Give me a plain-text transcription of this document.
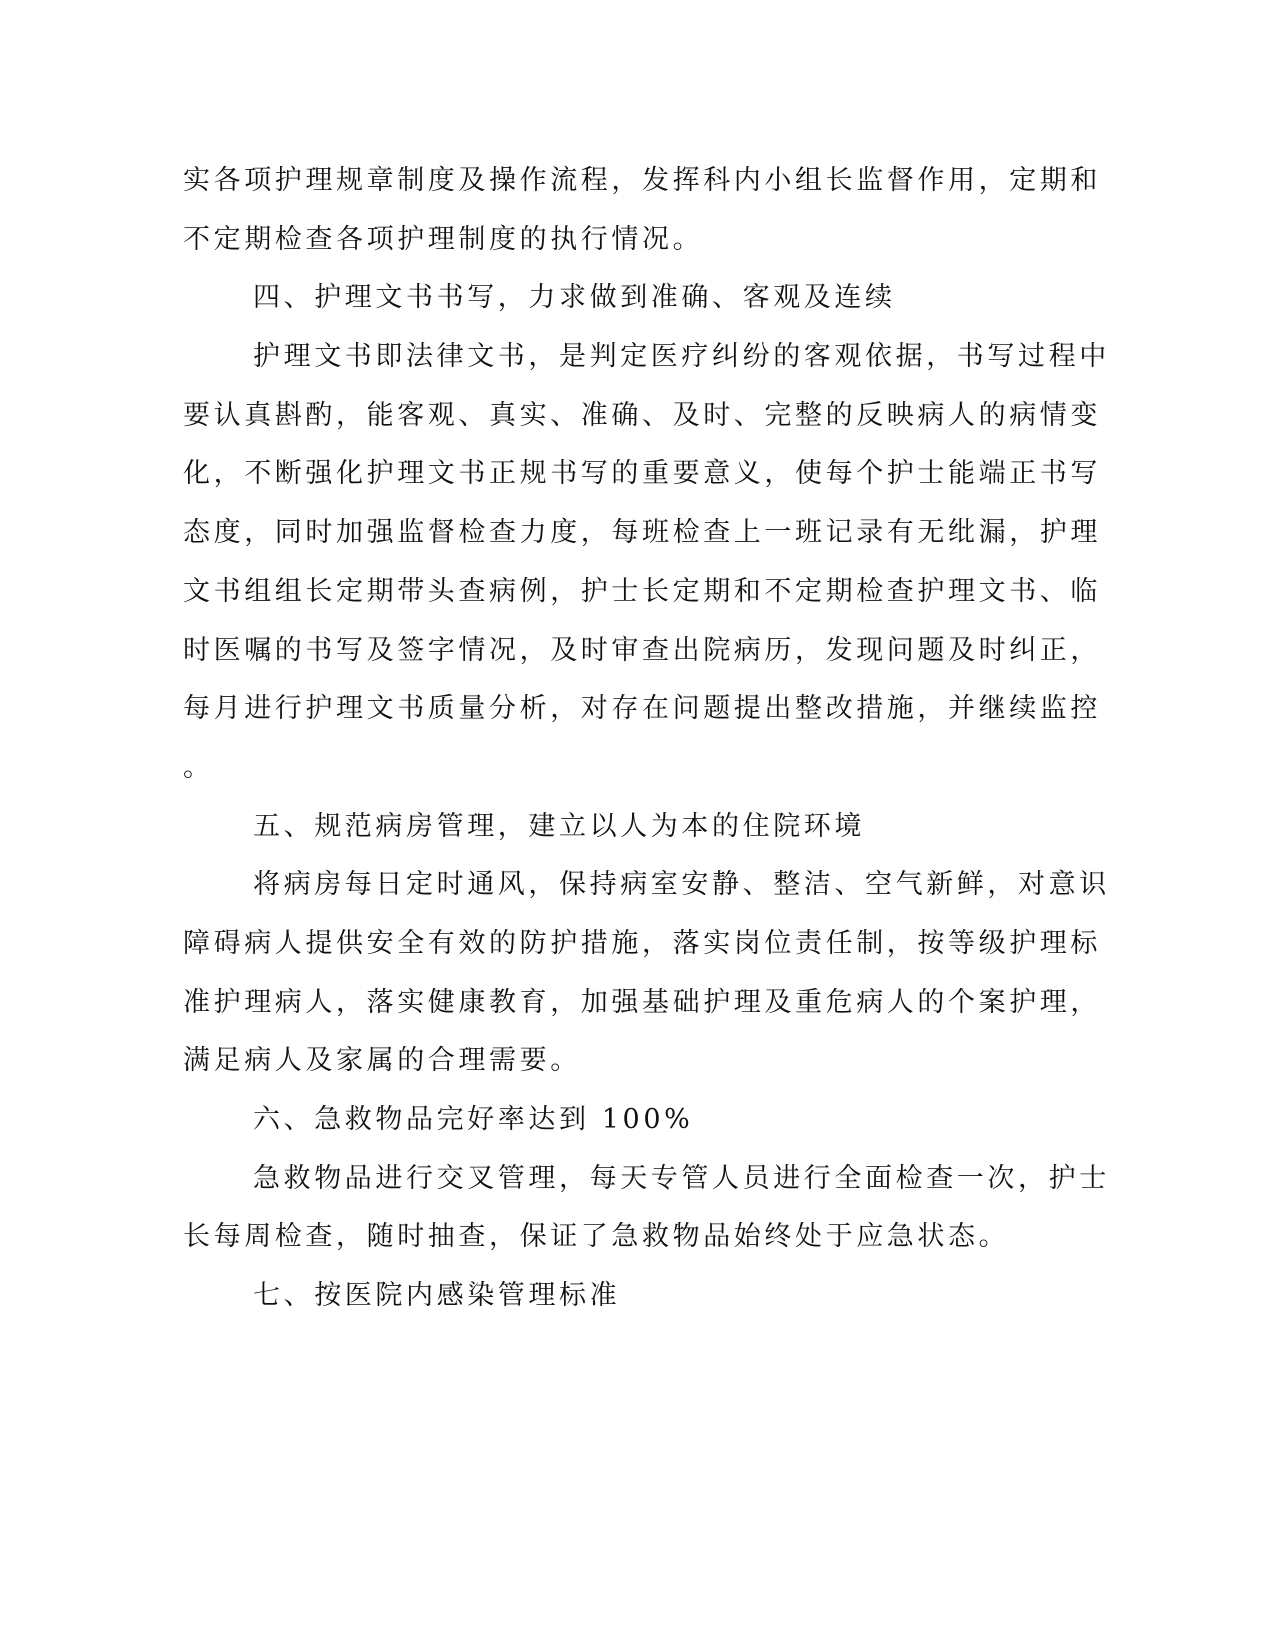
实各项护理规章制度及操作流程，发挥科内小组长监督作用，定期和
不定期检查各项护理制度的执行情况。
四、护理文书书写，力求做到准确、客观及连续
护理文书即法律文书，是判定医疗纠纷的客观依据，书写过程中
要认真斟酌，能客观、真实、准确、及时、完整的反映病人的病情变
化，不断强化护理文书正规书写的重要意义，使每个护士能端正书写
态度，同时加强监督检查力度，每班检查上一班记录有无纰漏，护理
文书组组长定期带头查病例，护士长定期和不定期检查护理文书、临
时医嘱的书写及签字情况，及时审查出院病历，发现问题及时纠正，
每月进行护理文书质量分析，对存在问题提出整改措施，并继续监控
。
五、规范病房管理，建立以人为本的住院环境
将病房每日定时通风，保持病室安静、整洁、空气新鲜，对意识
障碍病人提供安全有效的防护措施，落实岗位责任制，按等级护理标
准护理病人，落实健康教育，加强基础护理及重危病人的个案护理，
满足病人及家属的合理需要。
六、急救物品完好率达到 100%
急救物品进行交叉管理，每天专管人员进行全面检查一次，护士
长每周检查，随时抽查，保证了急救物品始终处于应急状态。
七、按医院内感染管理标准
